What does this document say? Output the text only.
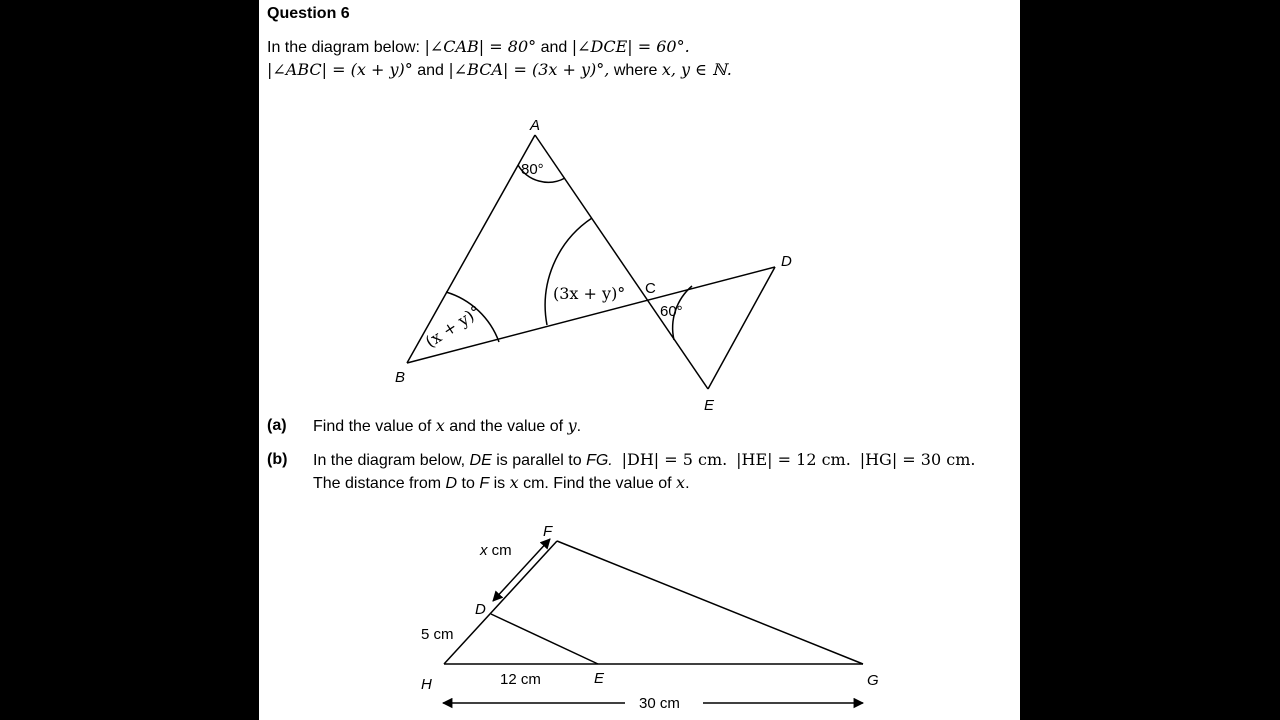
Question 6
In the diagram below: |∠CAB| = 80° and |∠DCE| = 60°.
|∠ABC| = (x + y)° and |∠BCA| = (3x + y)°, where x, y ∈ ℕ.
A
B
C
D
E
80°
60°
(3x + y)°
(x + y)°
(a) Find the value of x and the value of y.
(b) In the diagram below, DE is parallel to FG. |DH| = 5 cm. |HE| = 12 cm. |HG| = 30 cm.
The distance from D to F is x cm. Find the value of x.
F
D
H	E	G
x cm
5 cm
12 cm
30 cm
